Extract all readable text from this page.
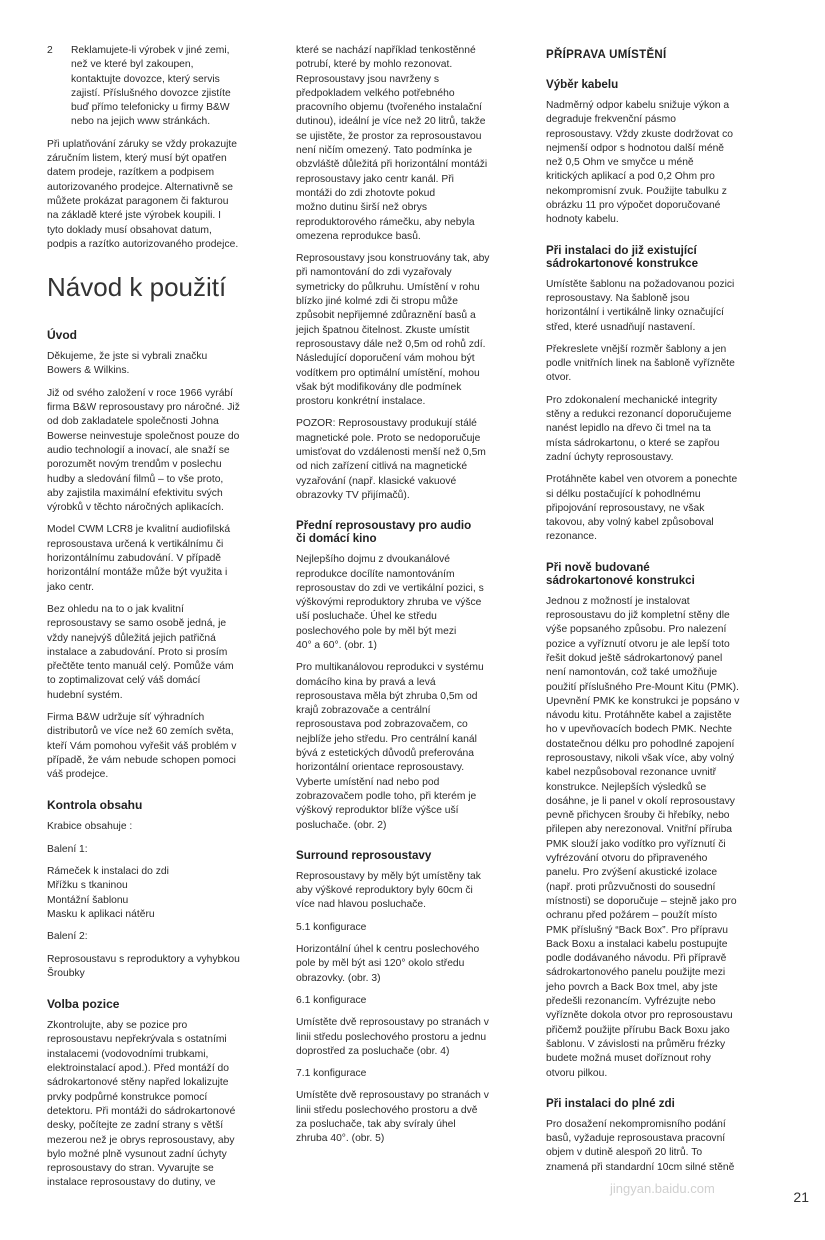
2	Reklamujete-li výrobek v jiné zemi,
než ve které byl zakoupen,
kontaktujte dovozce, který servis
zajistí. Příslušného dovozce zjistíte
buď přímo telefonicky u firmy B&W
nebo na jejich www stránkách.

Při uplatňování záruky se vždy prokazujte
záručním listem, který musí být opatřen
datem prodeje, razítkem a podpisem
autorizovaného prodejce. Alternativně se
můžete prokázat paragonem či fakturou
na základě které jste výrobek koupili. I
tyto doklady musí obsahovat datum,
podpis a razítko autorizovaného prodejce.

Návod k použití
Úvod

Děkujeme, že jste si vybrali značku
Bowers & Wilkins.

Již od svého založení v roce 1966 vyrábí
firma B&W reprosoustavy pro náročné. Již
od dob zakladatele společnosti Johna
Bowerse neinvestuje společnost pouze do
audio technologií a inovací, ale snaží se
porozumět novým trendům v poslechu
hudby a sledování filmů – to vše proto,
aby zajistila maximální efektivitu svých
výrobků v těchto náročných aplikacích.

Model CWM LCR8 je kvalitní audiofilská
reprosoustava určená k vertikálnímu či
horizontálnímu zabudování. V případě
horizontální montáže může být využita i
jako centr.

Bez ohledu na to o jak kvalitní
reprosoustavy se samo osobě jedná, je
vždy nanejvýš důležitá jejich patřičná
instalace a zabudování. Proto si prosím
přečtěte tento manuál celý. Pomůže vám
to zoptimalizovat celý váš domácí
hudební systém.

Firma B&W udržuje síť výhradních
distributorů ve více než 60 zemích světa,
kteří Vám pomohou vyřešit váš problém v
případě, že vám nebude schopen pomoci
váš prodejce.

Kontrola obsahu

Krabice obsahuje :

Balení 1:

Rámeček k instalaci do zdi
Mřížku s tkaninou
Montážní šablonu
Masku k aplikaci nátěru

Balení 2:

Reprosoustavu s reproduktory a vyhybkou
Šroubky

Volba pozice

Zkontrolujte, aby se pozice pro
reprosoustavu nepřekrývala s ostatními
instalacemi (vodovodními trubkami,
elektroinstalací apod.). Před montáží do
sádrokartonové stěny napřed lokalizujte
prvky podpůrné konstrukce pomocí
detektoru. Při montáži do sádrokartonové
desky, počítejte ze zadní strany s větší
mezerou než je obrys reprosoustavy, aby
bylo možné plně vysunout zadní úchyty
reprosoustavy do stran. Vyvarujte se
instalace reprosoustavy do dutiny, ve

které se nachází například tenkostěnné
potrubí, které by mohlo rezonovat.
Reprosoustavy jsou navrženy s
předpokladem velkého potřebného
pracovního objemu (tvořeného instalační
dutinou), ideální je více než 20 litrů, takže
se ujistěte, že prostor za reprosoustavou
není ničím omezený. Tato podmínka je
obzvláště důležitá při horizontální montáži
reprosoustavy jako centr kanál. Při
montáži do zdi zhotovte pokud
možno dutinu širší než obrys
reproduktorového rámečku, aby nebyla
omezena reprodukce basů.

Reprosoustavy jsou konstruovány tak, aby
při namontování do zdi vyzařovaly
symetricky do půlkruhu. Umístění v rohu
blízko jiné kolmé zdi či stropu může
způsobit nepřijemné zdůraznění basů a
jejich špatnou čitelnost. Zkuste umístit
reprosoustavy dále než 0,5m od rohů zdí.
Následující doporučení vám mohou být
vodítkem pro optimální umístění, mohou
však být modifikovány dle podmínek
prostoru konkrétní instalace.

POZOR: Reprosoustavy produkují stálé
magnetické pole. Proto se nedoporučuje
umisťovat do vzdálenosti menší než 0,5m
od nich zařízení citlivá na magnetické
vyzařování (např. klasické vakuové
obrazovky TV přijímačů).

Přední reprosoustavy pro audio
či domácí kino

Nejlepšího dojmu z dvoukanálové
reprodukce docílíte namontováním
reprosoustav do zdi ve vertikální pozici, s
výškovými reproduktory zhruba ve výšce
uší posluchače. Úhel ke středu
poslechového pole by měl být mezi
40° a 60°. (obr. 1)

Pro multikanálovou reprodukci v systému
domácího kina by pravá a levá
reprosoustava měla být zhruba 0,5m od
krajů zobrazovače a centrální
reprosoustava pod zobrazovačem, co
nejblíže jeho středu. Pro centrální kanál
bývá z estetických důvodů preferována
horizontální orientace reprosoustavy.
Vyberte umístění nad nebo pod
zobrazovačem podle toho, při kterém je
výškový reproduktor blíže výšce uší
posluchače. (obr. 2)

Surround reprosoustavy

Reprosoustavy by měly být umístěny tak
aby výškové reproduktory byly 60cm či
více nad hlavou posluchače.

5.1 konfigurace

Horizontální úhel k centru poslechového
pole by měl být asi 120° okolo středu
obrazovky. (obr. 3)

6.1 konfigurace

Umístěte dvě reprosoustavy po stranách v
linii středu poslechového prostoru a jednu
doprostřed za posluchače (obr. 4)

7.1 konfigurace

Umístěte dvě reprosoustavy po stranách v
linii středu poslechového prostoru a dvě
za posluchače, tak aby svíraly úhel
zhruba 40°. (obr. 5)

PŘÍPRAVA UMÍSTĚNÍ
Výběr kabelu

Nadměrný odpor kabelu snižuje výkon a
degraduje frekvenční pásmo
reprosoustavy. Vždy zkuste dodržovat co
nejmenší odpor s hodnotou další méně
než 0,5 Ohm ve smyčce u méně
kritických aplikací a pod 0,2 Ohm pro
nekompromisní zvuk. Použijte tabulku z
obrázku 11 pro výpočet doporučované
hodnoty kabelu.

Při instalaci do již existující
sádrokartonové konstrukce

Umístěte šablonu na požadovanou pozici
reprosoustavy. Na šabloně jsou
horizontální i vertikálně linky označující
střed, které usnadňují nastavení.

Překreslete vnější rozměr šablony a jen
podle vnitřních linek na šabloně vyřízněte
otvor.

Pro zdokonalení mechanické integrity
stěny a redukci rezonancí doporučujeme
nanést lepidlo na dřevo či tmel na ta
místa sádrokartonu, o které se zapřou
zadní úchyty reprosoustavy.

Protáhněte kabel ven otvorem a ponechte
si délku postačující k pohodlnému
připojování reprosoustavy, ne však
takovou, aby volný kabel způsoboval
rezonance.

Při nově budované
sádrokartonové konstrukci

Jednou z možností je instalovat
reprosoustavu do již kompletní stěny dle
výše popsaného způsobu. Pro nalezení
pozice a vyříznutí otvoru je ale lepší toto
řešit dokud ještě sádrokartonový panel
není namontován, což také umožňuje
použití příslušného Pre-Mount Kitu (PMK).
Upevnění PMK ke konstrukci je popsáno v
návodu kitu. Protáhněte kabel a zajistěte
ho v upevňovacích bodech PMK. Nechte
dostatečnou délku pro pohodlné zapojení
reprosoustavy, nikoli však více, aby volný
kabel nezpůsoboval rezonance uvnitř
konstrukce. Nejlepších výsledků se
dosáhne, je li panel v okolí reprosoustavy
pevně přichycen šrouby či hřebíky, nebo
přilepen aby nerezonoval. Vnitřní příruba
PMK slouží jako vodítko pro vyříznutí či
vyfrézování otvoru do připraveného
panelu. Pro zvýšení akustické izolace
(např. proti průzvučnosti do sousední
místnosti) se doporučuje – stejně jako pro
ochranu před požárem – použít místo
PMK příslušný “Back Box”. Pro přípravu
Back Boxu a instalaci kabelu postupujte
podle dodávaného návodu. Při přípravě
sádrokartonového panelu použijte mezi
jeho povrch a Back Box tmel, aby jste
předešli rezonancím. Vyfrézujte nebo
vyřízněte dokola otvor pro reprosoustavu
přičemž použijte přírubu Back Boxu jako
šablonu. V závislosti na průměru frézky
budete možná muset doříznout rohy
otvoru pilkou.

Při instalaci do plné zdi

Pro dosažení nekompromisního podání
basů, vyžaduje reprosoustava pracovní
objem v dutině alespoň 20 litrů. To
znamená při standardní 10cm silné stěně

jingyan.baidu.com
21
